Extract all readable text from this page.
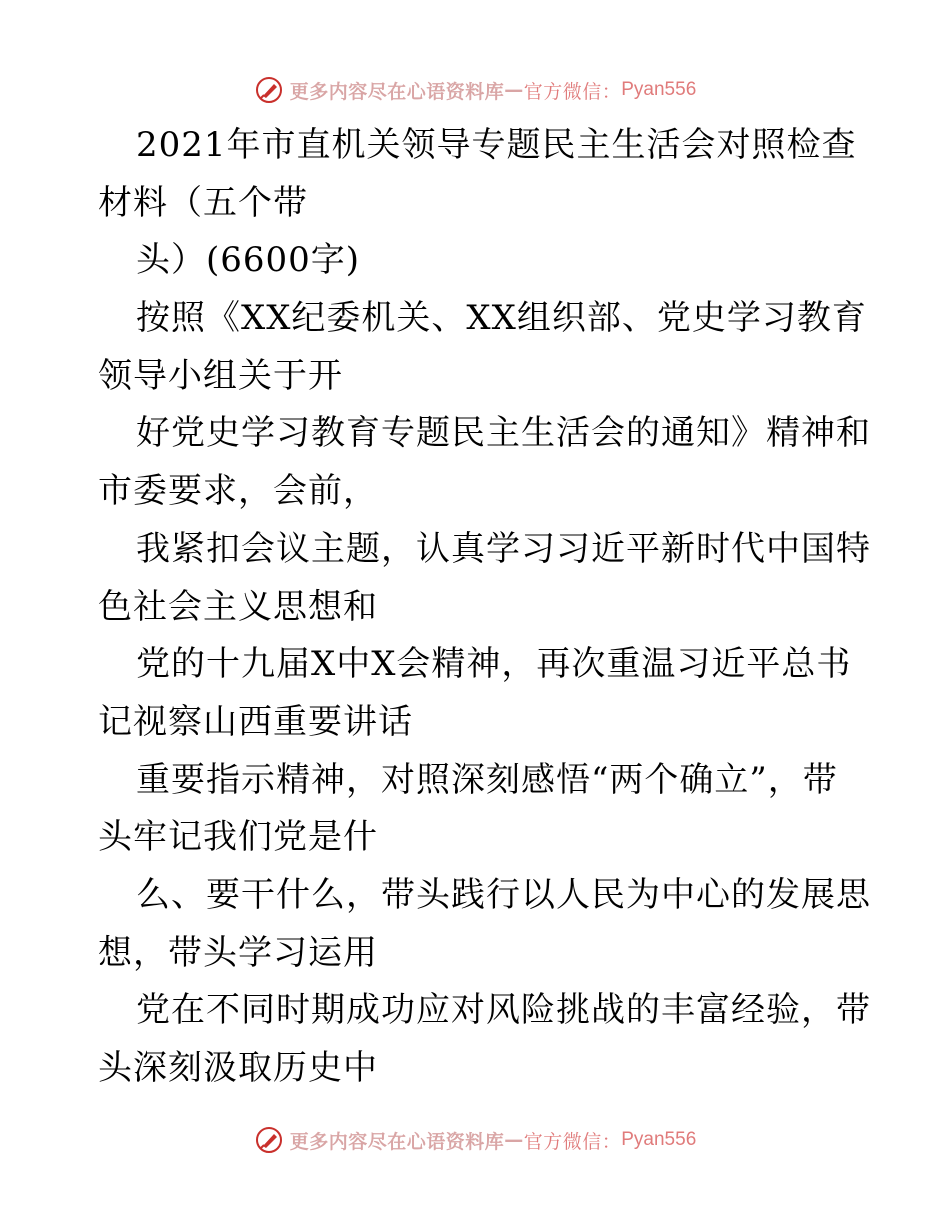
更多内容尽在心语资料库 — 官方微信： Pyan556
2021年市直机关领导专题民主生活会对照检查
材料（五个带
头）(6600字)
按照《XX纪委机关、XX组织部、党史学习教育
领导小组关于开
好党史学习教育专题民主生活会的通知》精神和
市委要求，会前，
我紧扣会议主题，认真学习习近平新时代中国特
色社会主义思想和
党的十九届X中X会精神，再次重温习近平总书
记视察山西重要讲话
重要指示精神，对照深刻感悟“两个确立”，带
头牢记我们党是什
么、要干什么，带头践行以人民为中心的发展思
想，带头学习运用
党在不同时期成功应对风险挑战的丰富经验，带
头深刻汲取历史中
更多内容尽在心语资料库 — 官方微信： Pyan556
